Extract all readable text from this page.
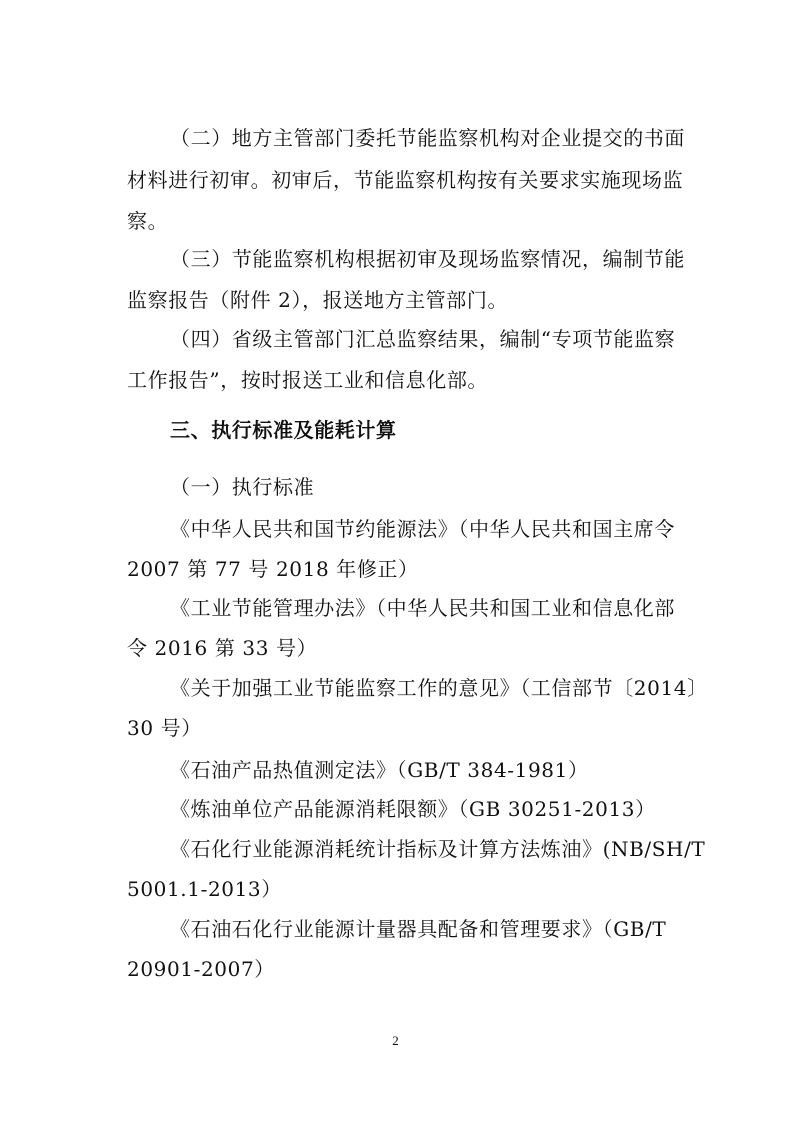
（二）地方主管部门委托节能监察机构对企业提交的书面
材料进行初审。初审后，节能监察机构按有关要求实施现场监
察。
（三）节能监察机构根据初审及现场监察情况，编制节能
监察报告（附件 2），报送地方主管部门。
（四）省级主管部门汇总监察结果，编制“专项节能监察
工作报告”，按时报送工业和信息化部。
三、执行标准及能耗计算
（一）执行标准
《中华人民共和国节约能源法》（中华人民共和国主席令
2007 第 77 号 2018 年修正）
《工业节能管理办法》（中华人民共和国工业和信息化部
令 2016 第 33 号）
《关于加强工业节能监察工作的意见》（工信部节〔2014〕
30 号）
《石油产品热值测定法》（GB/T 384-1981）
《炼油单位产品能源消耗限额》（GB 30251-2013）
《石化行业能源消耗统计指标及计算方法炼油》(NB/SH/T
5001.1-2013）
《石油石化行业能源计量器具配备和管理要求》（GB/T
20901-2007）
2
